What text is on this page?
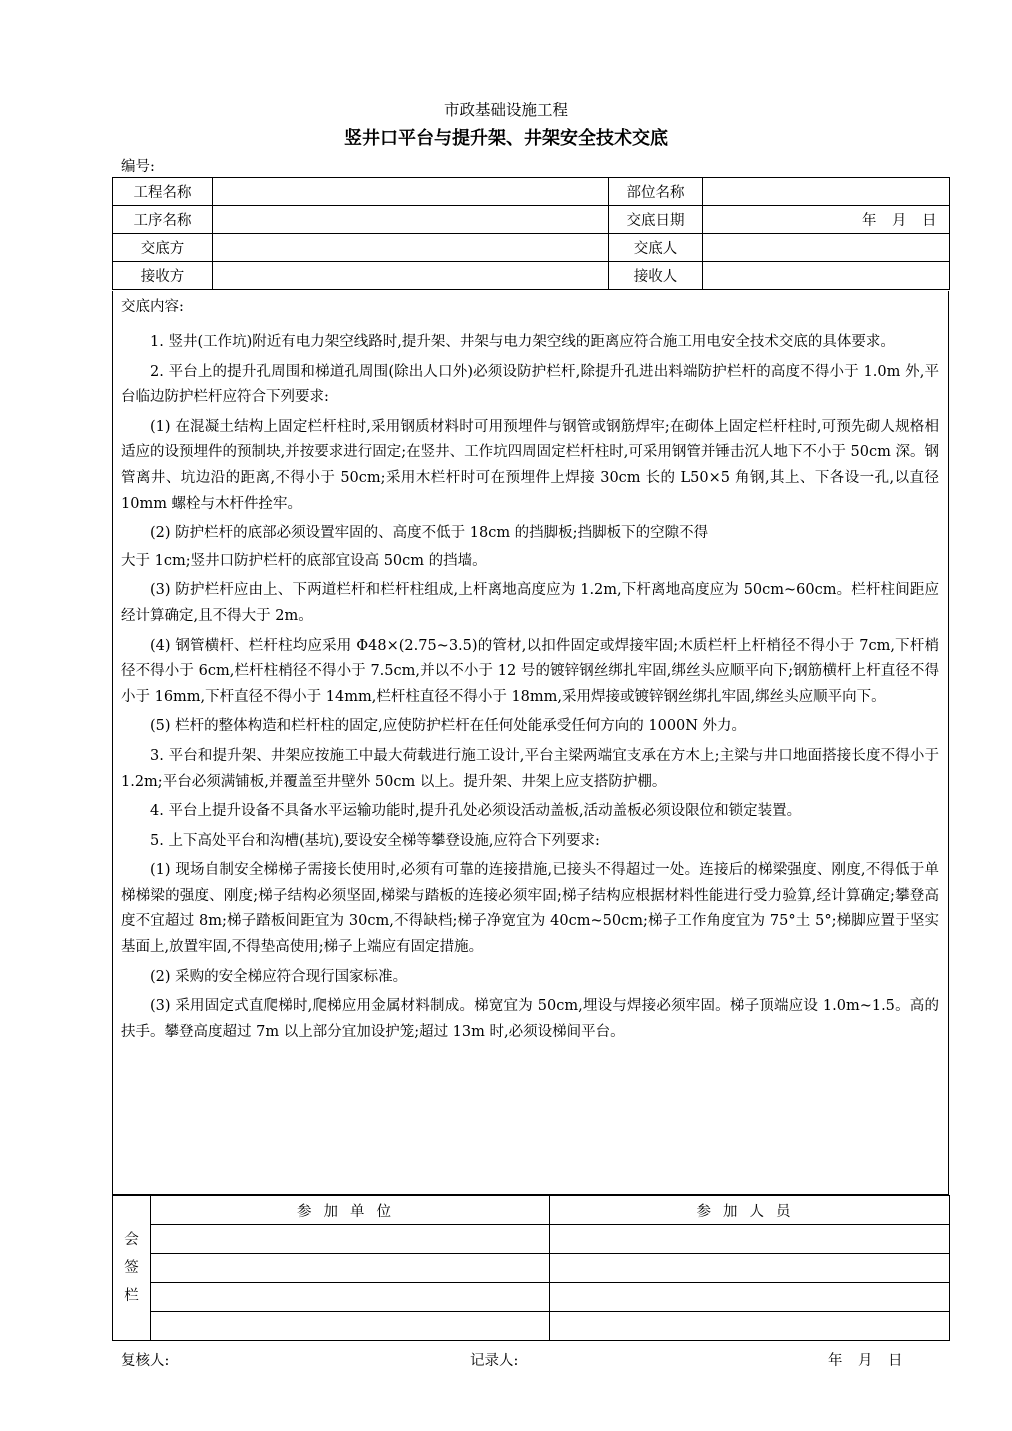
市政基础设施工程
竖井口平台与提升架、井架安全技术交底
编号:
工程名称		部位名称	
工序名称		交底日期	年　月　日
交底方		交底人	
接收方		接收人	
交底内容:

1. 竖井(工作坑)附近有电力架空线路时,提升架、井架与电力架空线的距离应符合施工用电安全技术交底的具体要求。

2. 平台上的提升孔周围和梯道孔周围(除出人口外)必须设防护栏杆,除提升孔进出料端防护栏杆的高度不得小于 1.0m 外,平台临边防护栏杆应符合下列要求:

(1) 在混凝土结构上固定栏杆柱时,采用钢质材料时可用预埋件与钢管或钢筋焊牢;在砌体上固定栏杆柱时,可预先砌人规格相适应的设预埋件的预制块,并按要求进行固定;在竖井、工作坑四周固定栏杆柱时,可采用钢管并锤击沉人地下不小于 50cm 深。钢管离井、坑边沿的距离,不得小于 50cm;采用木栏杆时可在预埋件上焊接 30cm 长的 L50×5 角钢,其上、下各设一孔,以直径 10mm 螺栓与木杆件拴牢。

(2) 防护栏杆的底部必须设置牢固的、高度不低于 18cm 的挡脚板;挡脚板下的空隙不得

大于 1cm;竖井口防护栏杆的底部宜设高 50cm 的挡墙。

(3) 防护栏杆应由上、下两道栏杆和栏杆柱组成,上杆离地高度应为 1.2m,下杆离地高度应为 50cm~60cm。栏杆柱间距应经计算确定,且不得大于 2m。

(4) 钢管横杆、栏杆柱均应采用 Φ48×(2.75~3.5)的管材,以扣件固定或焊接牢固;木质栏杆上杆梢径不得小于 7cm,下杆梢径不得小于 6cm,栏杆柱梢径不得小于 7.5cm,并以不小于 12 号的镀锌钢丝绑扎牢固,绑丝头应顺平向下;钢筋横杆上杆直径不得小于 16mm,下杆直径不得小于 14mm,栏杆柱直径不得小于 18mm,采用焊接或镀锌钢丝绑扎牢固,绑丝头应顺平向下。

(5) 栏杆的整体构造和栏杆柱的固定,应使防护栏杆在任何处能承受任何方向的 1000N 外力。

3. 平台和提升架、井架应按施工中最大荷载进行施工设计,平台主梁两端宜支承在方木上;主梁与井口地面搭接长度不得小于 1.2m;平台必须满铺板,并覆盖至井壁外 50cm 以上。提升架、井架上应支搭防护棚。

4. 平台上提升设备不具备水平运输功能时,提升孔处必须设活动盖板,活动盖板必须设限位和锁定装置。

5. 上下高处平台和沟槽(基坑),要设安全梯等攀登设施,应符合下列要求:

(1) 现场自制安全梯梯子需接长使用时,必须有可靠的连接措施,已接头不得超过一处。连接后的梯梁强度、刚度,不得低于单梯梯梁的强度、刚度;梯子结构必须坚固,梯梁与踏板的连接必须牢固;梯子结构应根据材料性能进行受力验算,经计算确定;攀登高度不宜超过 8m;梯子踏板间距宜为 30cm,不得缺档;梯子净宽宜为 40cm~50cm;梯子工作角度宜为 75°土 5°;梯脚应置于坚实基面上,放置牢固,不得垫高使用;梯子上端应有固定措施。

(2) 采购的安全梯应符合现行国家标准。

(3) 采用固定式直爬梯时,爬梯应用金属材料制成。梯宽宜为 50cm,埋设与焊接必须牢固。梯子顶端应设 1.0m~1.5。高的扶手。攀登高度超过 7m 以上部分宜加设护笼;超过 13m 时,必须设梯间平台。

会
签
栏	参加单位	参加人员

复核人:	记录人:	年　月　日
